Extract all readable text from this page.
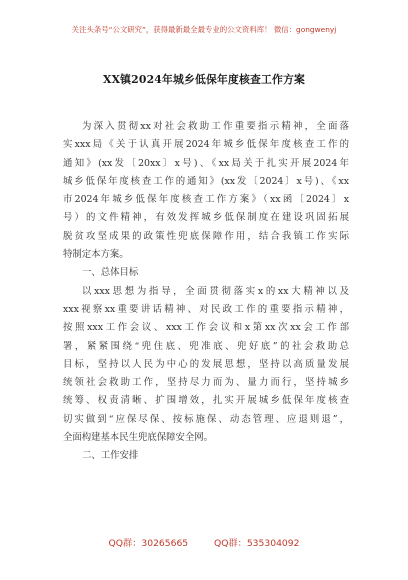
关注头条号“公文研究”，获得最新最全最专业的公文资料库！ 微信：gongwenyj
XX镇2024年城乡低保年度核查工作方案
为深入贯彻xx对社会救助工作重要指示精神，全面落
实xxx局《关于认真开展2024年城乡低保年度核查工作的
通知》(xx发〔20xx〕x号)、《xx局关于扎实开展2024年
城乡低保年度核查工作的通知》(xx发〔2024〕x号)、《xx
市2024年城乡低保年度核查工作方案》（xx函〔2024〕x
号）的文件精神，有效发挥城乡低保制度在建设巩固拓展
脱贫攻坚成果的政策性兜底保障作用，结合我镇工作实际
特制定本方案。
一、总体目标
以xxx思想为指导，全面贯彻落实x的xx大精神以及
xxx视察xx重要讲话精神、对民政工作的重要指示精神，
按照xxx工作会议、xxx工作会议和x第xx次xx会工作部
署，紧紧围绕“兜住底、兜准底、兜好底”的社会救助总
目标，坚持以人民为中心的发展思想，坚持以高质量发展
统领社会救助工作，坚持尽力而为、量力而行，坚持城乡
统筹、权责清晰、扩围增效，扎实开展城乡低保年度核查
切实做到“应保尽保、按标施保、动态管理、应退则退”，
全面构建基本民生兜底保障安全网。
二、工作安排
QQ群：30265665	QQ群：535304092
